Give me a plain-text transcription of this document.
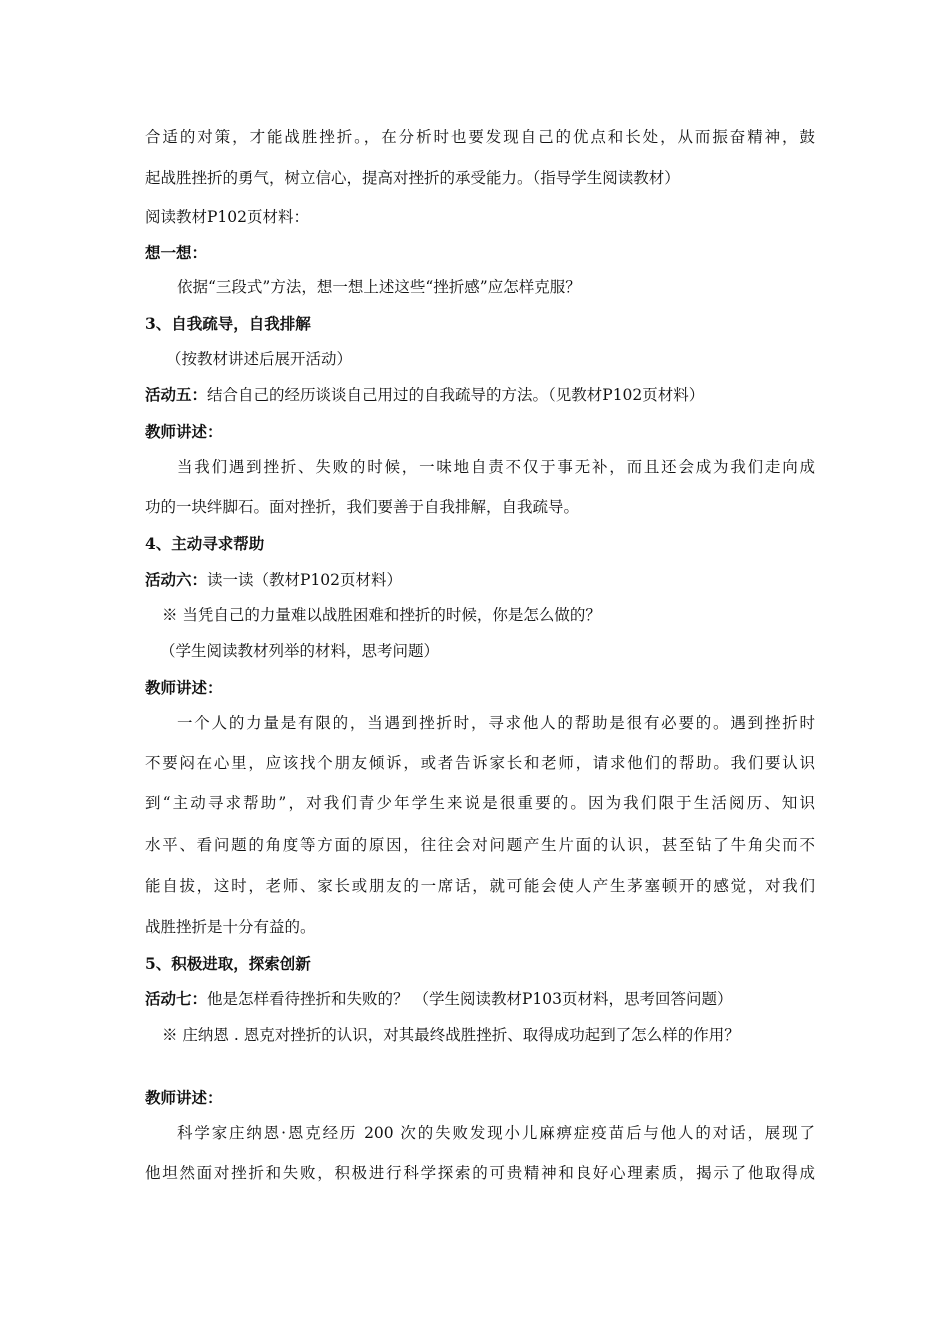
合适的对策，才能战胜挫折。，在分析时也要发现自己的优点和长处，从而振奋精神，鼓
起战胜挫折的勇气，树立信心，提高对挫折的承受能力。（指导学生阅读教材）
阅读教材P102页材料：
想一想：
依据“三段式”方法，想一想上述这些“挫折感”应怎样克服？
3、自我疏导，自我排解
（按教材讲述后展开活动）
活动五：结合自己的经历谈谈自己用过的自我疏导的方法。（见教材P102页材料）
教师讲述：
当我们遇到挫折、失败的时候，一味地自责不仅于事无补，而且还会成为我们走向成
功的一块绊脚石。面对挫折，我们要善于自我排解，自我疏导。
4、主动寻求帮助
活动六：读一读（教材P102页材料）
※ 当凭自己的力量难以战胜困难和挫折的时候，你是怎么做的？
（学生阅读教材列举的材料，思考问题）
教师讲述：
一个人的力量是有限的，当遇到挫折时，寻求他人的帮助是很有必要的。遇到挫折时
不要闷在心里，应该找个朋友倾诉，或者告诉家长和老师，请求他们的帮助。我们要认识
到“主动寻求帮助”，对我们青少年学生来说是很重要的。因为我们限于生活阅历、知识
水平、看问题的角度等方面的原因，往往会对问题产生片面的认识，甚至钻了牛角尖而不
能自拔，这时，老师、家长或朋友的一席话，就可能会使人产生茅塞顿开的感觉，对我们
战胜挫折是十分有益的。
5、积极进取，探索创新
活动七：他是怎样看待挫折和失败的？ （学生阅读教材P103页材料，思考回答问题）
※ 庄纳恩 . 恩克对挫折的认识，对其最终战胜挫折、取得成功起到了怎么样的作用？
教师讲述：
科学家庄纳恩·恩克经历 200 次的失败发现小儿麻痹症疫苗后与他人的对话，展现了
他坦然面对挫折和失败，积极进行科学探索的可贵精神和良好心理素质，揭示了他取得成
